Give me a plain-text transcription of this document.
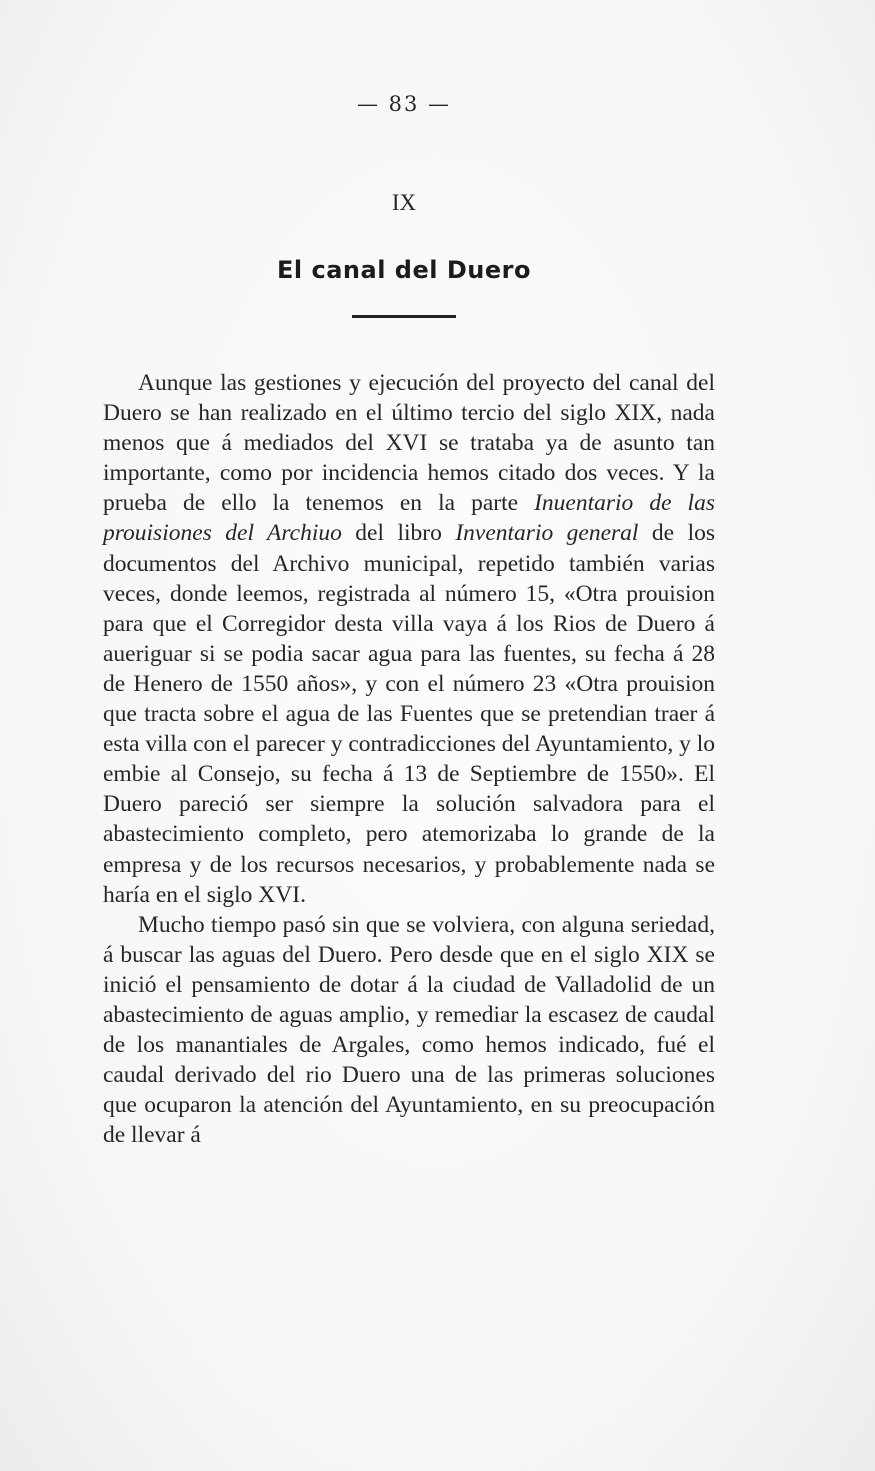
— 83 —
IX
El canal del Duero

Aunque las gestiones y ejecución del proyecto del canal del Duero se han realizado en el último tercio del siglo XIX, nada menos que á mediados del XVI se trataba ya de asunto tan importante, como por incidencia hemos citado dos veces. Y la prueba de ello la tenemos en la parte Inuentario de las prouisiones del Archiuo del libro Inventario general de los documentos del Archivo municipal, repetido también varias veces, donde leemos, registrada al número 15, «Otra prouision para que el Corregidor desta villa vaya á los Rios de Duero á aueriguar si se podia sacar agua para las fuentes, su fecha á 28 de Henero de 1550 años», y con el número 23 «Otra prouision que tracta sobre el agua de las Fuentes que se pretendian traer á esta villa con el parecer y contradicciones del Ayuntamiento, y lo embie al Consejo, su fecha á 13 de Septiembre de 1550». El Duero pareció ser siempre la solución salvadora para el abastecimiento completo, pero atemorizaba lo grande de la empresa y de los recursos necesarios, y probablemente nada se haría en el siglo XVI.

Mucho tiempo pasó sin que se volviera, con alguna seriedad, á buscar las aguas del Duero. Pero desde que en el siglo XIX se inició el pensamiento de dotar á la ciudad de Valladolid de un abastecimiento de aguas amplio, y remediar la escasez de caudal de los manantiales de Argales, como hemos indicado, fué el caudal derivado del rio Duero una de las primeras soluciones que ocuparon la atención del Ayuntamiento, en su preocupación de llevar á
